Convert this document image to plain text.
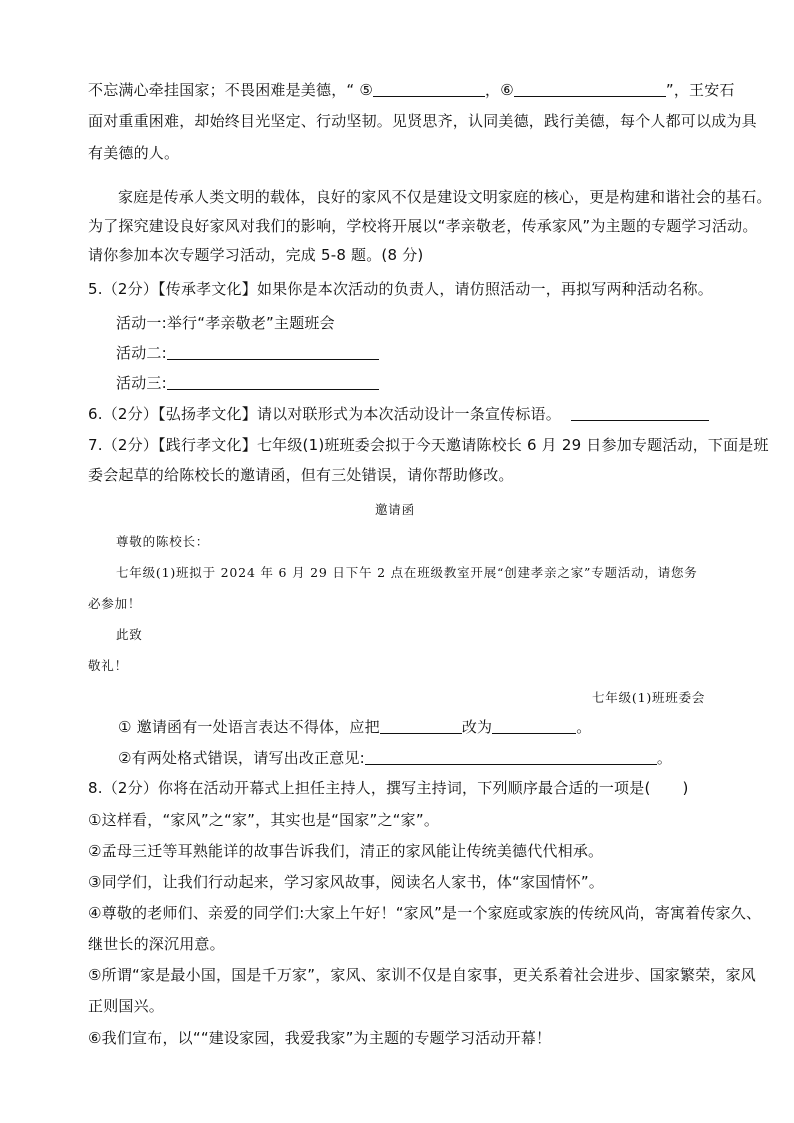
不忘满心牵挂国家；不畏困难是美德，“ ⑤	，⑥	”，王安石
面对重重困难，却始终目光坚定、行动坚韧。见贤思齐，认同美德，践行美德，每个人都可以成为具
有美德的人。
家庭是传承人类文明的载体，良好的家风不仅是建设文明家庭的核心，更是构建和谐社会的基石。
为了探究建设良好家风对我们的影响，学校将开展以“孝亲敬老，传承家风”为主题的专题学习活动。
请你参加本次专题学习活动，完成 5-8 题。(8 分)
5.（2分）【传承孝文化】如果你是本次活动的负责人，请仿照活动一，再拟写两种活动名称。
活动一:举行“孝亲敬老”主题班会
活动二:
活动三:
6.（2分）【弘扬孝文化】请以对联形式为本次活动设计一条宣传标语。
7.（2分）【践行孝文化】七年级(1)班班委会拟于今天邀请陈校长 6 月 29 日参加专题活动，下面是班
委会起草的给陈校长的邀请函，但有三处错误，请你帮助修改。
邀请函
尊敬的陈校长：
七年级(1)班拟于 2024 年 6 月 29 日下午 2 点在班级教室开展“创建孝亲之家”专题活动，请您务
必参加！
此致
敬礼！
七年级(1)班班委会
① 邀请函有一处语言表达不得体，应把	改为	。
②有两处格式错误，请写出改正意见:	。
8.（2分）你将在活动开幕式上担任主持人，撰写主持词，下列顺序最合适的一项是( )
①这样看，“家风”之“家”，其实也是“国家”之“家”。
②孟母三迁等耳熟能详的故事告诉我们，清正的家风能让传统美德代代相承。
③同学们，让我们行动起来，学习家风故事，阅读名人家书，体“家国情怀”。
④尊敬的老师们、亲爱的同学们:大家上午好！“家风”是一个家庭或家族的传统风尚，寄寓着传家久、
继世长的深沉用意。
⑤所谓“家是最小国，国是千万家”，家风、家训不仅是自家事，更关系着社会进步、国家繁荣，家风
正则国兴。
⑥我们宣布，以““建设家园，我爱我家”为主题的专题学习活动开幕！
